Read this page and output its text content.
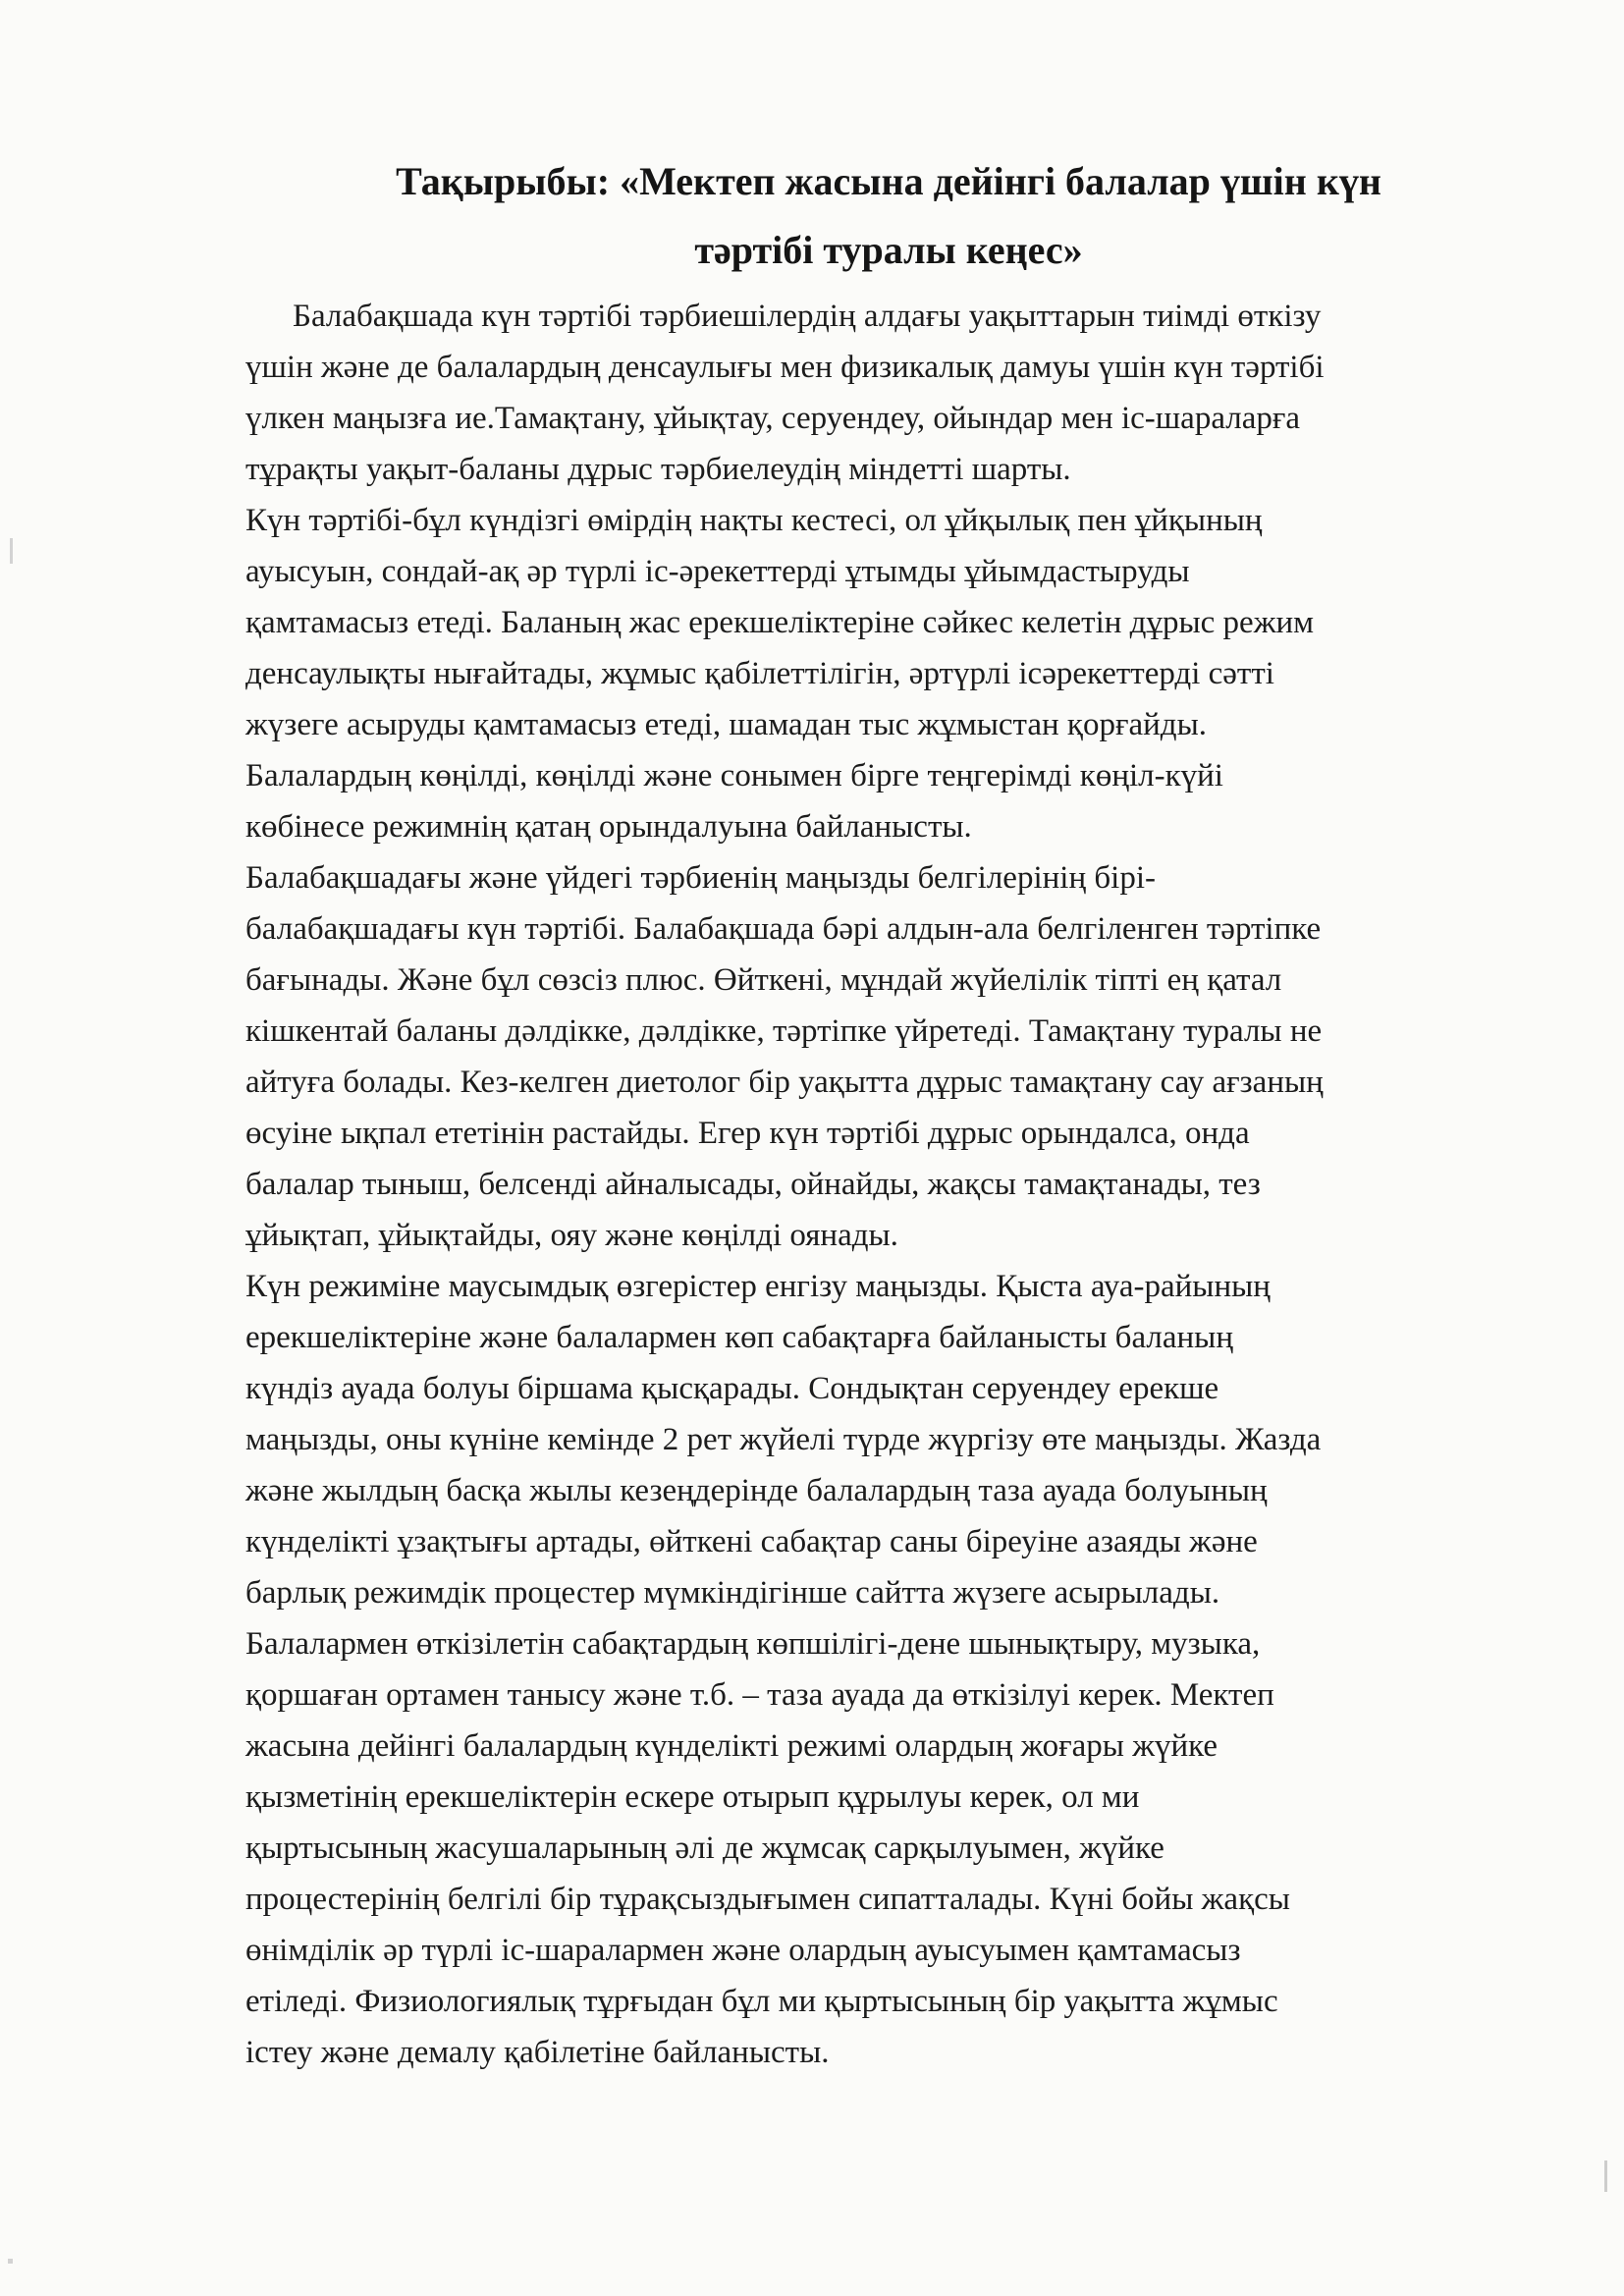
Тақырыбы: «Мектеп жасына дейінгі балалар үшін күн
тәртібі туралы кеңес»
Балабақшада күн тәртібі тәрбиешілердің алдағы уақыттарын тиімді өткізу
үшін және де балалардың денсаулығы мен физикалық дамуы үшін күн тәртібі
үлкен маңызға ие.Тамақтану, ұйықтау, серуендеу, ойындар мен іс-шараларға
тұрақты уақыт-баланы дұрыс тәрбиелеудің міндетті шарты.
Күн тәртібі-бұл күндізгі өмірдің нақты кестесі, ол ұйқылық пен ұйқының
ауысуын, сондай-ақ әр түрлі іс-әрекеттерді ұтымды ұйымдастыруды
қамтамасыз етеді. Баланың жас ерекшеліктеріне сәйкес келетін дұрыс режим
денсаулықты нығайтады, жұмыс қабілеттілігін, әртүрлі ісәрекеттерді сәтті
жүзеге асыруды қамтамасыз етеді, шамадан тыс жұмыстан қорғайды.
Балалардың көңілді, көңілді және сонымен бірге теңгерімді көңіл-күйі
көбінесе режимнің қатаң орындалуына байланысты.
Балабақшадағы және үйдегі тәрбиенің маңызды белгілерінің бірі-
балабақшадағы күн тәртібі. Балабақшада бәрі алдын-ала белгіленген тәртіпке
бағынады. Және бұл сөзсіз плюс. Өйткені, мұндай жүйелілік тіпті ең қатал
кішкентай баланы дәлдікке, дәлдікке, тәртіпке үйретеді. Тамақтану туралы не
айтуға болады. Кез-келген диетолог бір уақытта дұрыс тамақтану сау ағзаның
өсуіне ықпал ететінін растайды. Егер күн тәртібі дұрыс орындалса, онда
балалар тыныш, белсенді айналысады, ойнайды, жақсы тамақтанады, тез
ұйықтап, ұйықтайды, ояу және көңілді оянады.
Күн режиміне маусымдық өзгерістер енгізу маңызды. Қыста ауа-райының
ерекшеліктеріне және балалармен көп сабақтарға байланысты баланың
күндіз ауада болуы біршама қысқарады. Сондықтан серуендеу ерекше
маңызды, оны күніне кемінде 2 рет жүйелі түрде жүргізу өте маңызды. Жазда
және жылдың басқа жылы кезеңдерінде балалардың таза ауада болуының
күнделікті ұзақтығы артады, өйткені сабақтар саны біреуіне азаяды және
барлық режимдік процестер мүмкіндігінше сайтта жүзеге асырылады.
Балалармен өткізілетін сабақтардың көпшілігі-дене шынықтыру, музыка,
қоршаған ортамен танысу және т.б. – таза ауада да өткізілуі керек. Мектеп
жасына дейінгі балалардың күнделікті режимі олардың жоғары жүйке
қызметінің ерекшеліктерін ескере отырып құрылуы керек, ол ми
қыртысының жасушаларының әлі де жұмсақ сарқылуымен, жүйке
процестерінің белгілі бір тұрақсыздығымен сипатталады. Күні бойы жақсы
өнімділік әр түрлі іс-шаралармен және олардың ауысуымен қамтамасыз
етіледі. Физиологиялық тұрғыдан бұл ми қыртысының бір уақытта жұмыс
істеу және демалу қабілетіне байланысты.
